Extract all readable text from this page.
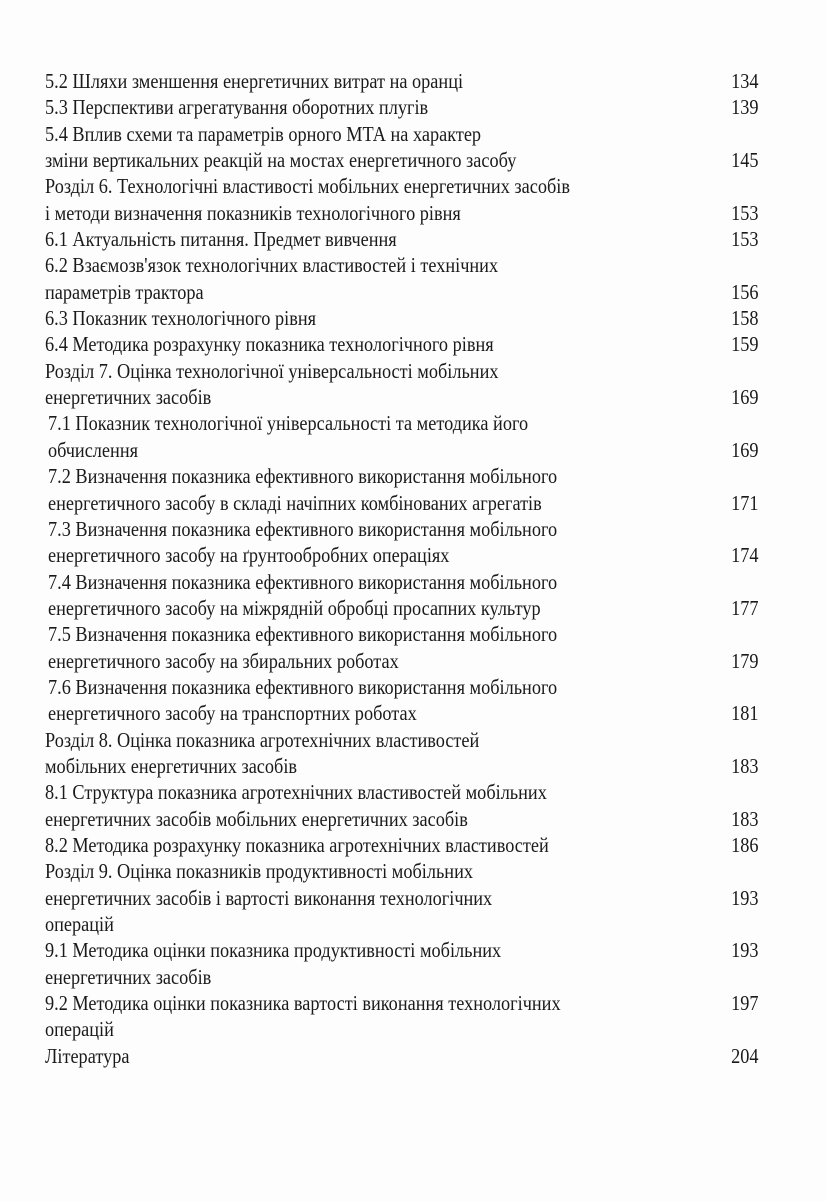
5.2 Шляхи зменшення енергетичних витрат на оранці	134
5.3 Перспективи агрегатування оборотних плугів	139
5.4 Вплив схеми та параметрів орного МТА на характер
зміни вертикальних реакцій на мостах енергетичного засобу	145
Розділ 6. Технологічні властивості мобільних енергетичних засобів
і методи визначення показників технологічного рівня	153
6.1 Актуальність питання. Предмет вивчення	153
6.2 Взаємозв'язок технологічних властивостей і технічних
параметрів трактора	156
6.3 Показник технологічного рівня	158
6.4 Методика розрахунку показника технологічного рівня	159
Розділ 7. Оцінка технологічної універсальності мобільних
енергетичних засобів	169
7.1 Показник технологічної універсальності та методика його
обчислення	169
7.2 Визначення показника ефективного використання мобільного
енергетичного засобу в складі начіпних комбінованих агрегатів	171
7.3 Визначення показника ефективного використання мобільного
енергетичного засобу на ґрунтообробних операціях	174
7.4 Визначення показника ефективного використання мобільного
енергетичного засобу на міжрядній обробці просапних культур	177
7.5 Визначення показника ефективного використання мобільного
енергетичного засобу на збиральних роботах	179
7.6 Визначення показника ефективного використання мобільного
енергетичного засобу на транспортних роботах	181
Розділ 8. Оцінка показника агротехнічних властивостей
мобільних енергетичних засобів	183
8.1 Структура показника агротехнічних властивостей мобільних
енергетичних засобів мобільних енергетичних засобів	183
8.2 Методика розрахунку показника агротехнічних властивостей	186
Розділ 9. Оцінка показників продуктивності мобільних
енергетичних засобів і вартості виконання технологічних	193
операцій
9.1 Методика оцінки показника продуктивності мобільних	193
енергетичних засобів
9.2 Методика оцінки показника вартості виконання технологічних	197
операцій
Література	204
